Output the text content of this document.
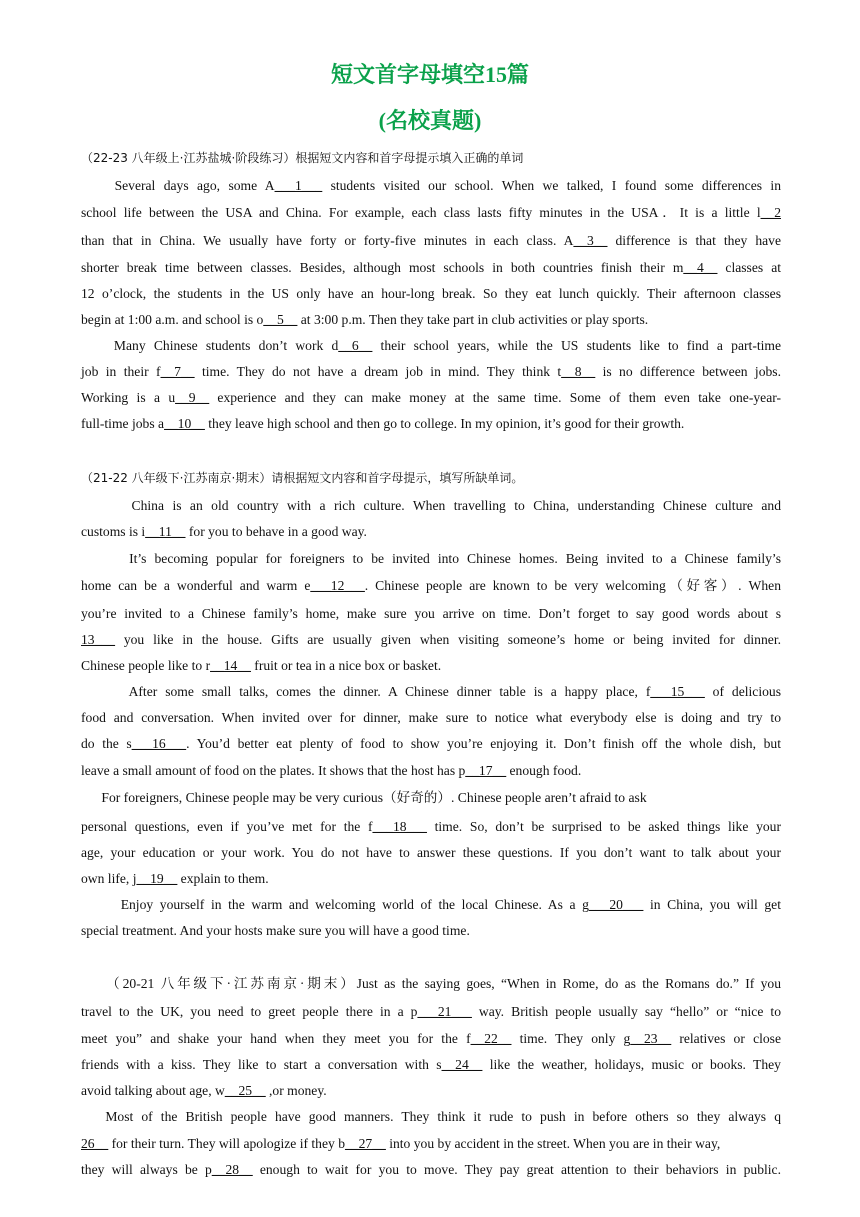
短文首字母填空15篇
(名校真题)
（22-23 八年级上·江苏盐城·阶段练习）根据短文内容和首字母提示填入正确的单词
Several days ago, some A___1___ students visited our school. When we talked, I found some differences in
school life between the USA and China. For example, each class lasts fifty minutes in the USA．It is a little l__2
than that in China. We usually have forty or forty-five minutes in each class. A__3__ difference is that they have
shorter break time between classes. Besides, although most schools in both countries finish their m__4__ classes at
12 o’clock, the students in the US only have an hour-long break. So they eat lunch quickly. Their afternoon classes
begin at 1:00 a.m. and school is o__5__ at 3:00 p.m. Then they take part in club activities or play sports.
Many Chinese students don’t work d__6__ their school years, while the US students like to find a part-time
job in their f__7__ time. They do not have a dream job in mind. They think t__8__ is no difference between jobs.
Working is a u__9__ experience and they can make money at the same time. Some of them even take one-year-
full-time jobs a__10__ they leave high school and then go to college. In my opinion, it’s good for their growth.
（21-22 八年级下·江苏南京·期末）请根据短文内容和首字母提示，填写所缺单词。
China is an old country with a rich culture. When travelling to China, understanding Chinese culture and
customs is i__11__ for you to behave in a good way.
It’s becoming popular for foreigners to be invited into Chinese homes. Being invited to a Chinese family’s
home can be a wonderful and warm e___12___. Chinese people are known to be very welcoming（好客）. When
you’re invited to a Chinese family’s home, make sure you arrive on time. Don’t forget to say good words about s
13___ you like in the house. Gifts are usually given when visiting someone’s home or being invited for dinner.
Chinese people like to r__14__ fruit or tea in a nice box or basket.
After some small talks, comes the dinner. A Chinese dinner table is a happy place, f___15___ of delicious
food and conversation. When invited over for dinner, make sure to notice what everybody else is doing and try to
do the s___16___. You’d better eat plenty of food to show you’re enjoying it. Don’t finish off the whole dish, but
leave a small amount of food on the plates. It shows that the host has p__17__ enough food.
For foreigners, Chinese people may be very curious（好奇的）. Chinese people aren’t afraid to ask
personal questions, even if you’ve met for the f___18___ time. So, don’t be surprised to be asked things like your
age, your education or your work. You do not have to answer these questions. If you don’t want to talk about your
own life, j__19__ explain to them.
Enjoy yourself in the warm and welcoming world of the local Chinese. As a g___20___ in China, you will get
special treatment. And your hosts make sure you will have a good time.
（20-21 八年级下·江苏南京·期末）Just as the saying goes, “When in Rome, do as the Romans do.” If you
travel to the UK, you need to greet people there in a p___21___ way. British people usually say “hello” or “nice to
meet you” and shake your hand when they meet you for the f__22__ time. They only g__23__ relatives or close
friends with a kiss. They like to start a conversation with s__24__ like the weather, holidays, music or books. They
avoid talking about age, w__25__ ,or money.
Most of the British people have good manners. They think it rude to push in before others so they always q
26__ for their turn. They will apologize if they b__27__ into you by accident in the street. When you are in their way,
they will always be p__28__ enough to wait for you to move. They pay great attention to their behaviors in public.
